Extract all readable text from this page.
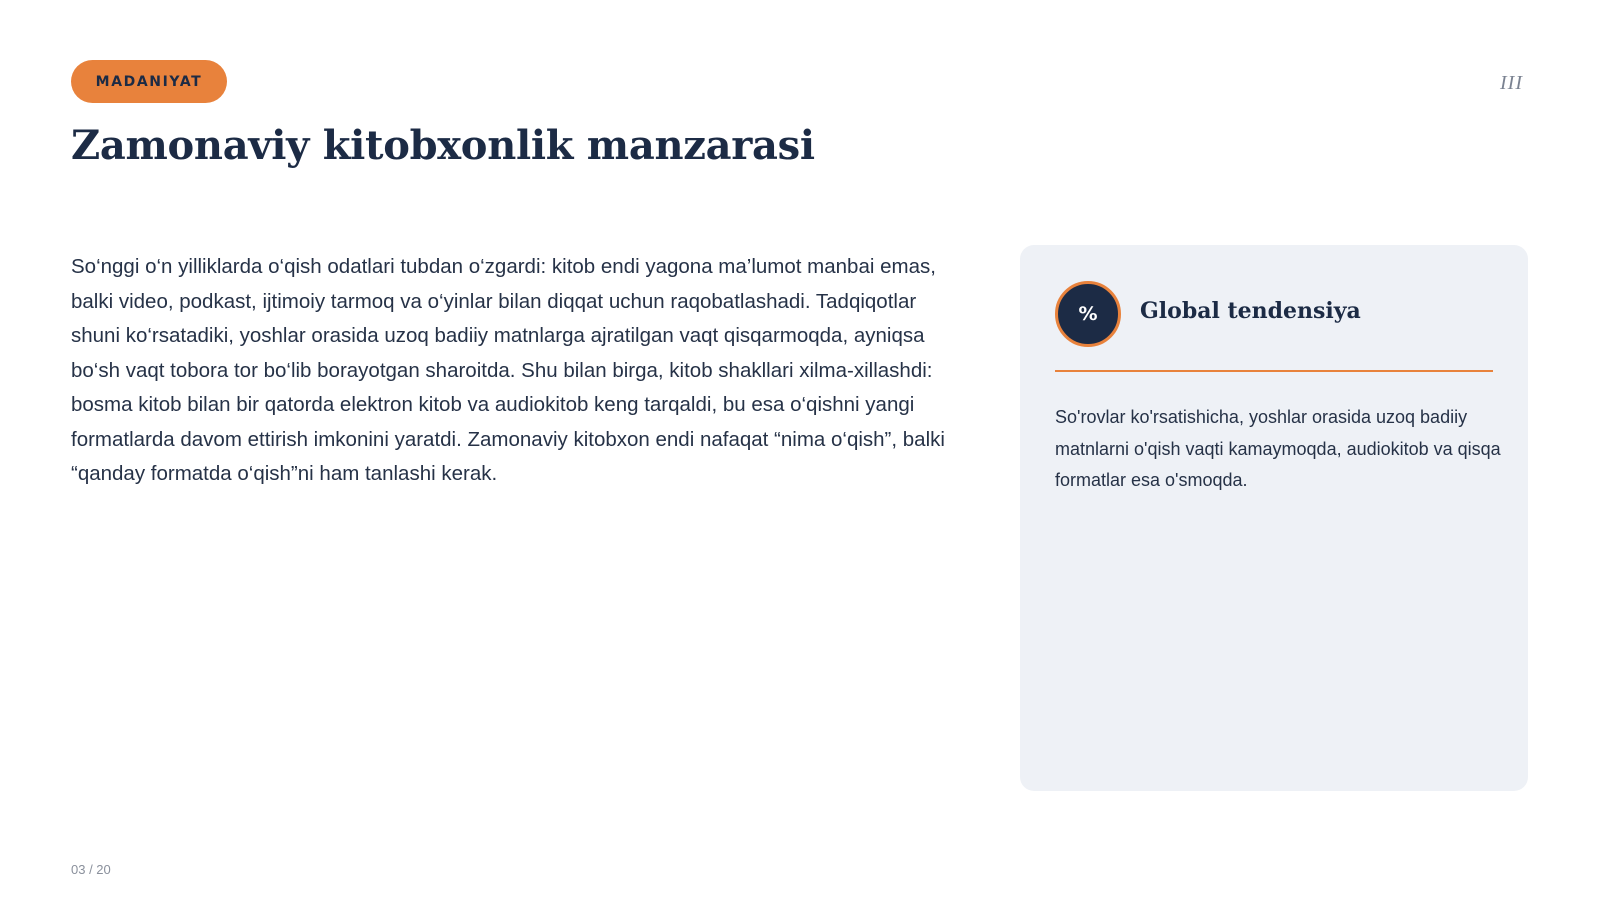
MADANIYAT	III
Zamonaviy kitobxonlik manzarasi

So‘nggi o‘n yilliklarda o‘qish odatlari tubdan o‘zgardi: kitob endi yagona ma’lumot manbai emas, balki video, podkast, ijtimoiy tarmoq va o‘yinlar bilan diqqat uchun raqobatlashadi. Tadqiqotlar shuni ko‘rsatadiki, yoshlar orasida uzoq badiiy matnlarga ajratilgan vaqt qisqarmoqda, ayniqsa bo‘sh vaqt tobora tor bo‘lib borayotgan sharoitda. Shu bilan birga, kitob shakllari xilma-xillashdi: bosma kitob bilan bir qatorda elektron kitob va audiokitob keng tarqaldi, bu esa o‘qishni yangi formatlarda davom ettirish imkonini yaratdi. Zamonaviy kitobxon endi nafaqat “nima o‘qish”, balki “qanday formatda o‘qish”ni ham tanlashi kerak.

%	Global tendensiya

So'rovlar ko'rsatishicha, yoshlar orasida uzoq badiiy matnlarni o'qish vaqti kamaymoqda, audiokitob va qisqa formatlar esa o'smoqda.

03 / 20
